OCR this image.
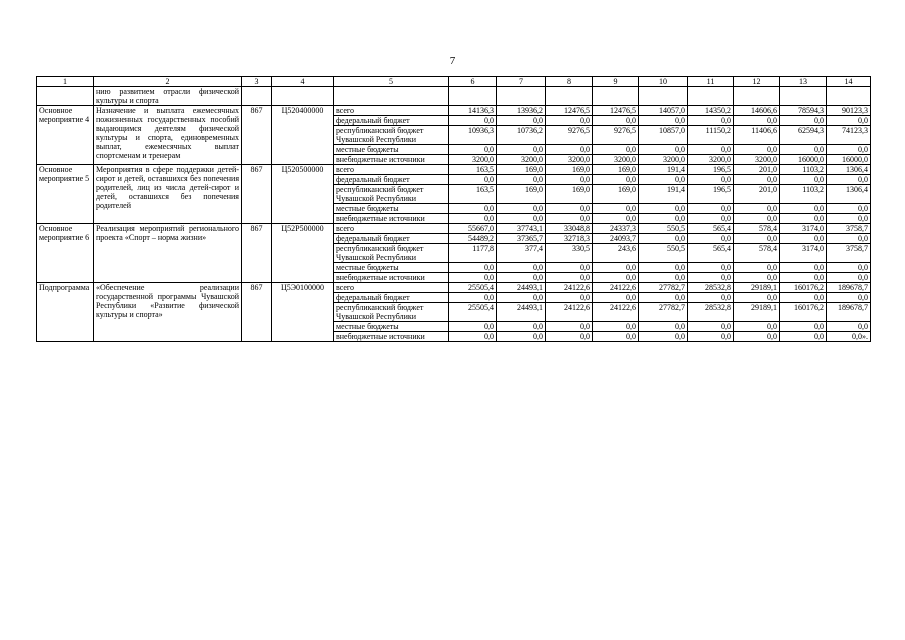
7
1	2	3	4	5	6	7	8	9	10	11	12	13	14
	нию развитием отрасли физической культуры и спорта												
Основное мероприятие 4	Назначение и выплата ежемесячных пожизненных государственных пособий выдающимся деятелям физической культуры и спорта, единовременных выплат, ежемесячных выплат спортсменам и тренерам	867	Ц520400000	всего	14136,3	13936,2	12476,5	12476,5	14057,0	14350,2	14606,6	78594,3	90123,3
				федеральный бюджет	0,0	0,0	0,0	0,0	0,0	0,0	0,0	0,0	0,0
				республиканский бюджет Чувашской Республики	10936,3	10736,2	9276,5	9276,5	10857,0	11150,2	11406,6	62594,3	74123,3
				местные бюджеты	0,0	0,0	0,0	0,0	0,0	0,0	0,0	0,0	0,0
				внебюджетные источники	3200,0	3200,0	3200,0	3200,0	3200,0	3200,0	3200,0	16000,0	16000,0
Основное мероприятие 5	Мероприятия в сфере поддержки детей-сирот и детей, оставшихся без попечения родителей, лиц из числа детей-сирот и детей, оставшихся без попечения родителей	867	Ц520500000	всего	163,5	169,0	169,0	169,0	191,4	196,5	201,0	1103,2	1306,4
				федеральный бюджет	0,0	0,0	0,0	0,0	0,0	0,0	0,0	0,0	0,0
				республиканский бюджет Чувашской Республики	163,5	169,0	169,0	169,0	191,4	196,5	201,0	1103,2	1306,4
				местные бюджеты	0,0	0,0	0,0	0,0	0,0	0,0	0,0	0,0	0,0
				внебюджетные источники	0,0	0,0	0,0	0,0	0,0	0,0	0,0	0,0	0,0
Основное мероприятие 6	Реализация мероприятий регионального проекта «Спорт – норма жизни»	867	Ц52P500000	всего	55667,0	37743,1	33048,8	24337,3	550,5	565,4	578,4	3174,0	3758,7
				федеральный бюджет	54489,2	37365,7	32718,3	24093,7	0,0	0,0	0,0	0,0	0,0
				республиканский бюджет Чувашской Республики	1177,8	377,4	330,5	243,6	550,5	565,4	578,4	3174,0	3758,7
				местные бюджеты	0,0	0,0	0,0	0,0	0,0	0,0	0,0	0,0	0,0
				внебюджетные источники	0,0	0,0	0,0	0,0	0,0	0,0	0,0	0,0	0,0
Подпрограмма	«Обеспечение реализации государственной программы Чувашской Республики «Развитие физической культуры и спорта»	867	Ц5Э0100000	всего	25505,4	24493,1	24122,6	24122,6	27782,7	28532,8	29189,1	160176,2	189678,7
				федеральный бюджет	0,0	0,0	0,0	0,0	0,0	0,0	0,0	0,0	0,0
				республиканский бюджет Чувашской Республики	25505,4	24493,1	24122,6	24122,6	27782,7	28532,8	29189,1	160176,2	189678,7
				местные бюджеты	0,0	0,0	0,0	0,0	0,0	0,0	0,0	0,0	0,0
				внебюджетные источники	0,0	0,0	0,0	0,0	0,0	0,0	0,0	0,0	0,0».
